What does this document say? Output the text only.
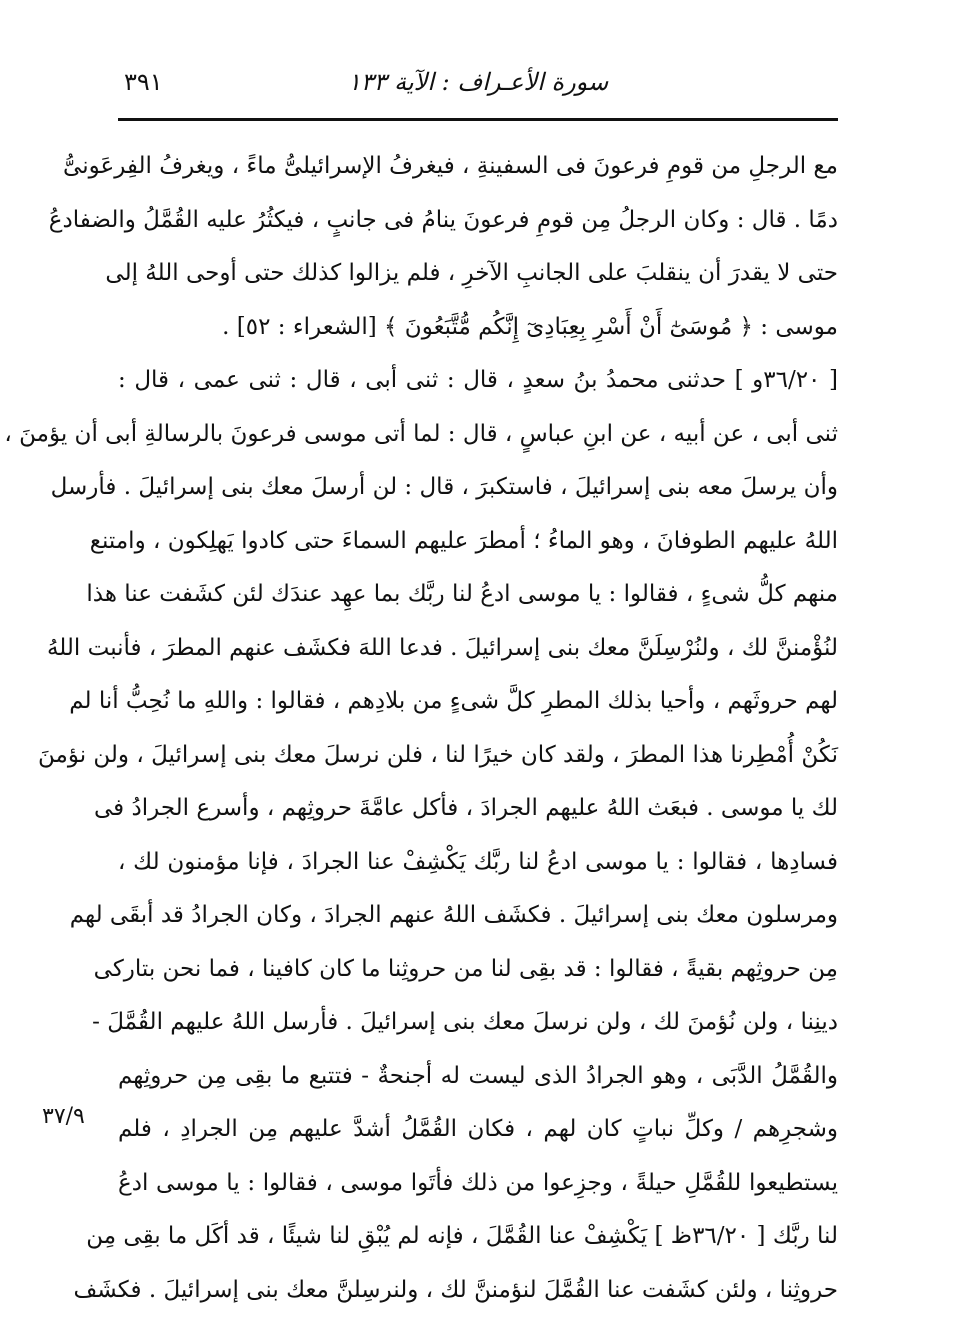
سورة الأعـراف : الآية ١٣٣
٣٩١
مع الرجلِ من قومِ فرعونَ فى السفينةِ ، فيغرفُ الإسرائيلىُّ ماءً ، ويغرفُ الفِرعَونىُّ
دمًا . قال : وكان الرجلُ مِن قومِ فرعونَ ينامُ فى جانبٍ ، فيكثُرُ عليه القُمَّلُ والضفادعُ
حتى لا يقدرَ أن ينقلبَ على الجانبِ الآخرِ ، فلم يزالوا كذلك حتى أوحى اللهُ إلى
موسى : ﴿ مُوسَىٰٓ أَنْ أَسْرِ بِعِبَادِىٓ إِنَّكُم مُّتَّبَعُونَ ﴾ [الشعراء : ٥٢] .
[ ٣٦/٢٠و ] حدثنى محمدُ بنُ سعدٍ ، قال : ثنى أبى ، قال : ثنى عمى ، قال :
ثنى أبى ، عن أبيه ، عن ابنِ عباسٍ ، قال : لما أتى موسى فرعونَ بالرسالةِ أبى أن يؤمنَ ،
وأن يرسلَ معه بنى إسرائيلَ ، فاستكبرَ ، قال : لن أرسلَ معك بنى إسرائيلَ . فأرسل
اللهُ عليهم الطوفانَ ، وهو الماءُ ؛ أمطرَ عليهم السماءَ حتى كادوا يَهلِكون ، وامتنع
منهم كلُّ شىءٍ ، فقالوا : يا موسى ادعُ لنا ربَّك بما عهِد عندَك لئن كشَفت عنا هذا
لنُؤْمننَّ لك ، ولنُرْسِلَنَّ معك بنى إسرائيلَ . فدعا اللهَ فكشَف عنهم المطرَ ، فأنبت اللهُ
لهم حروثَهم ، وأحيا بذلك المطرِ كلَّ شىءٍ من بلادِهم ، فقالوا : واللهِ ما نُحِبُّ أنا لم
نَكُنْ أُمْطِرنا هذا المطرَ ، ولقد كان خيرًا لنا ، فلن نرسلَ معك بنى إسرائيلَ ، ولن نؤمنَ
لك يا موسى . فبعَث اللهُ عليهم الجرادَ ، فأكل عامَّةَ حروثِهم ، وأسرع الجرادُ فى
فسادِها ، فقالوا : يا موسى ادعُ لنا ربَّك يَكْشِفْ عنا الجرادَ ، فإنا مؤمنون لك ،
ومرسلون معك بنى إسرائيلَ . فكشَف اللهُ عنهم الجرادَ ، وكان الجرادُ قد أبقَى لهم
مِن حروثِهم بقيةً ، فقالوا : قد بقِى لنا من حروثِنا ما كان كافينا ، فما نحن بتاركى
دينِنا ، ولن نُؤمنَ لك ، ولن نرسلَ معك بنى إسرائيلَ . فأرسل اللهُ عليهم القُمَّلَ -
والقُمَّلُ الدَّبَى ، وهو الجرادُ الذى ليست له أجنحةٌ - فتتبع ما بقِى مِن حروثِهم
وشجرِهم / وكلِّ نباتٍ كان لهم ، فكان القُمَّلُ أشدَّ عليهم مِن الجرادِ ، فلم
يستطيعوا للقُمَّلِ حيلةً ، وجزِعوا من ذلك فأتَوا موسى ، فقالوا : يا موسى ادعُ
لنا ربَّك [ ٣٦/٢٠ظ ] يَكْشِفْ عنا القُمَّلَ ، فإنه لم يُبْقِ لنا شيئًا ، قد أكَل ما بقِى مِن
حروثِنا ، ولئن كشَفت عنا القُمَّلَ لنؤمننَّ لك ، ولنرسِلنَّ معك بنى إسرائيلَ . فكشَف
٣٧/٩
